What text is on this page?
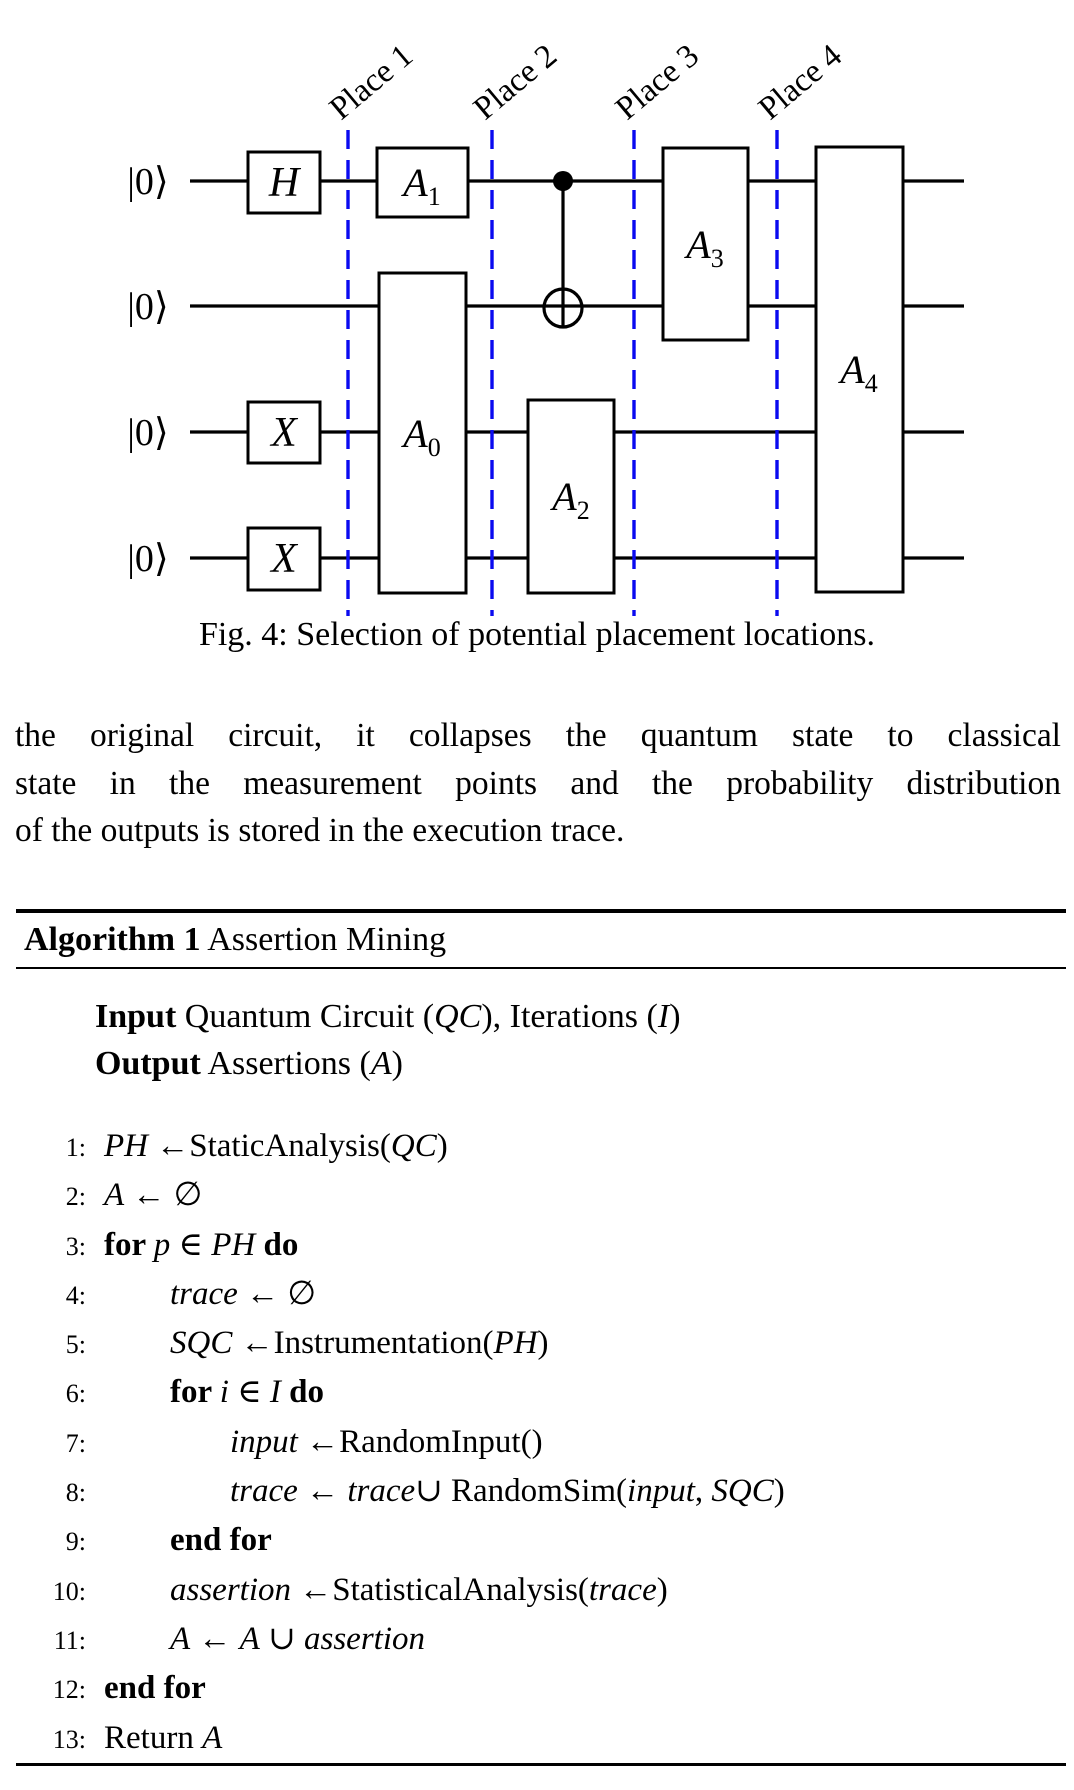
|0⟩
|0⟩
|0⟩
|0⟩
H
X
X
$A_1$
$A_0$
$A_2$
$A_3$
$A_4$
Place 1 Place 2 Place 3 Place 4
Fig. 4: Selection of potential placement locations.
the original circuit, it collapses the quantum state to classical
state in the measurement points and the probability distribution
of the outputs is stored in the execution trace.
Algorithm 1 Assertion Mining
Input Quantum Circuit (QC), Iterations (I)
Output Assertions (A)
1: PH ←StaticAnalysis(QC)
2: A ← ∅
3: for p ∈ PH do
4:	trace ← ∅
5:	SQC ←Instrumentation(PH)
6:	for i ∈ I do
7:	input ←RandomInput()
8:	trace ← trace∪ RandomSim(input, SQC)
9:	end for
10:	assertion ←StatisticalAnalysis(trace)
11:	A ← A ∪ assertion
12: end for
13: Return A
